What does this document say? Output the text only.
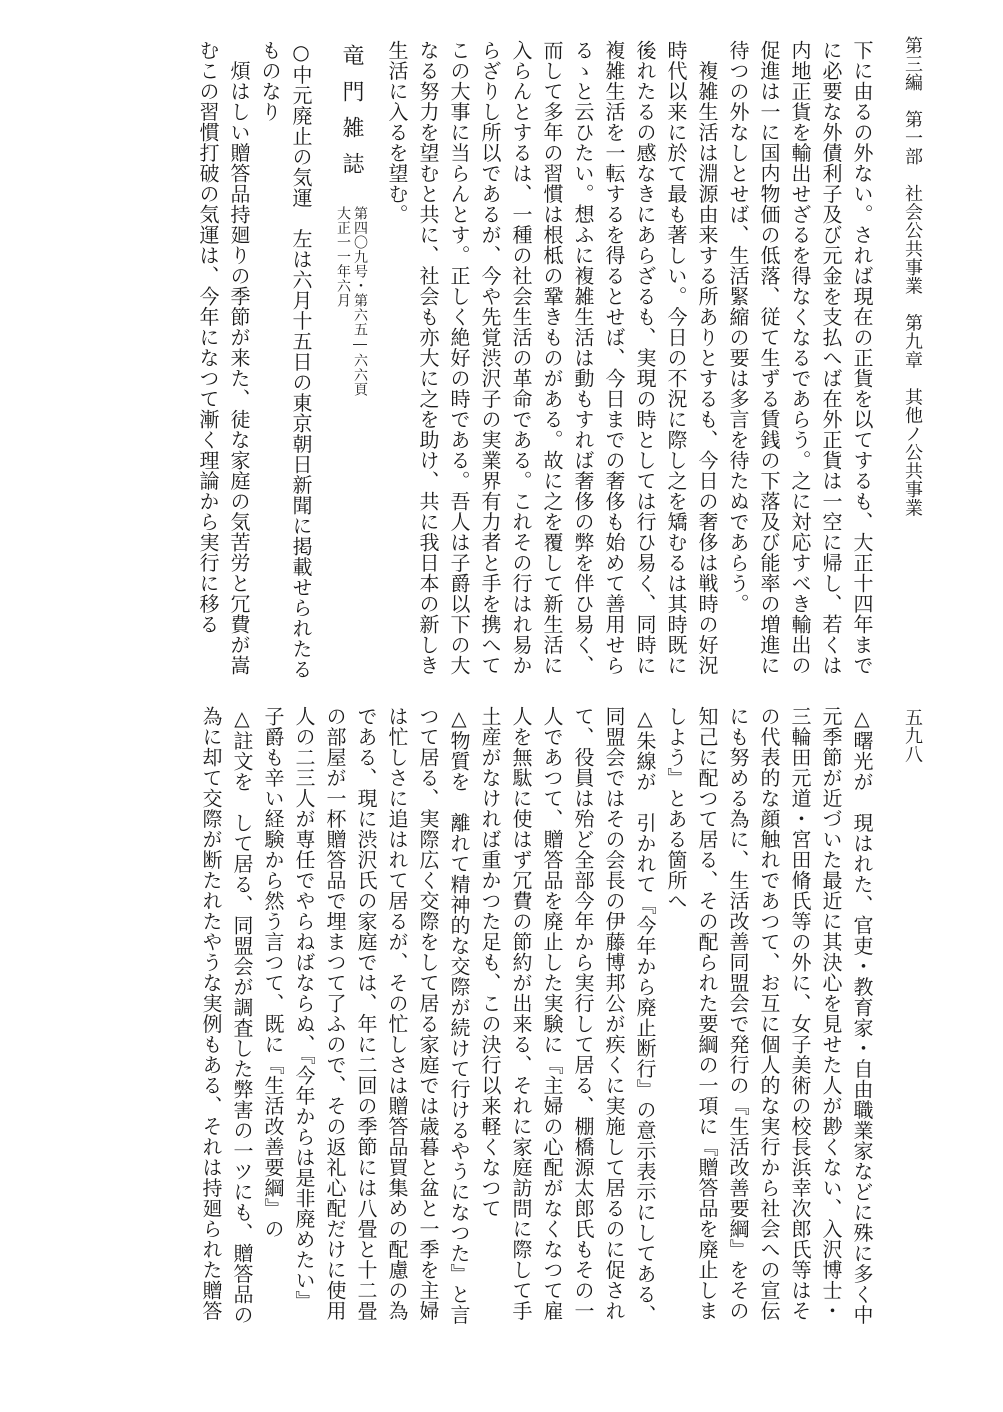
第三編　第一部　社会公共事業　第九章　其他ノ公共事業
五九八
下に由るの外ない。されば現在の正貨を以てするも、大正十四年まで
に必要な外債利子及び元金を支払へば在外正貨は一空に帰し、若くは
内地正貨を輸出せざるを得なくなるであらう。之に対応すべき輸出の
促進は一に国内物価の低落、従て生ずる賃銭の下落及び能率の増進に
待つの外なしとせば、生活緊縮の要は多言を待たぬであらう。
　複雑生活は淵源由来する所ありとするも、今日の奢侈は戦時の好況
時代以来に於て最も著しい。今日の不況に際し之を矯むるは其時既に
後れたるの感なきにあらざるも、実現の時としては行ひ易く、同時に
複雑生活を一転するを得るとせば、今日までの奢侈も始めて善用せら
るゝと云ひたい。想ふに複雑生活は動もすれば奢侈の弊を伴ひ易く、
而して多年の習慣は根柢の鞏きものがある。故に之を覆して新生活に
入らんとするは、一種の社会生活の革命である。これその行はれ易か
らざりし所以であるが、今や先覚渋沢子の実業界有力者と手を携へて
この大事に当らんとす。正しく絶好の時である。吾人は子爵以下の大
なる努力を望むと共に、社会も亦大に之を助け、共に我日本の新しき
生活に入るを望む。
竜門雑誌
第四〇九号・第六五―六六頁
大正一一年六月
○中元廃止の気運　左は六月十五日の東京朝日新聞に掲載せられたる
ものなり
　煩はしい贈答品持廻りの季節が来た、徒な家庭の気苦労と冗費が嵩
むこの習慣打破の気運は、今年になつて漸く理論から実行に移る
△曙光が　現はれた、官吏・教育家・自由職業家などに殊に多く中
元季節が近づいた最近に其決心を見せた人が尠くない、入沢博士・
三輪田元道・宮田脩氏等の外に、女子美術の校長浜幸次郎氏等はそ
の代表的な顔触れであつて、お互に個人的な実行から社会への宣伝
にも努める為に、生活改善同盟会で発行の『生活改善要綱』をその
知己に配つて居る、その配られた要綱の一項に『贈答品を廃止しま
しよう』とある箇所へ
△朱線が　引かれて『今年から廃止断行』の意示表示にしてある、
同盟会ではその会長の伊藤博邦公が疾くに実施して居るのに促され
て、役員は殆ど全部今年から実行して居る、棚橋源太郎氏もその一
人であつて、贈答品を廃止した実験に『主婦の心配がなくなつて雇
人を無駄に使はず冗費の節約が出来る、それに家庭訪問に際して手
土産がなければ重かつた足も、この決行以来軽くなつて
△物質を　離れて精神的な交際が続けて行けるやうになつた』と言
つて居る、実際広く交際をして居る家庭では歳暮と盆と一季を主婦
は忙しさに追はれて居るが、その忙しさは贈答品買集めの配慮の為
である、現に渋沢氏の家庭では、年に二回の季節には八畳と十二畳
の部屋が一杯贈答品で埋まつて了ふので、その返礼心配だけに使用
人の二三人が専任でやらねばならぬ、『今年からは是非廃めたい』
子爵も辛い経験から然う言つて、既に『生活改善要綱』の
△註文を　して居る、同盟会が調査した弊害の一ツにも、贈答品の
為に却て交際が断たれたやうな実例もある、それは持廻られた贈答
